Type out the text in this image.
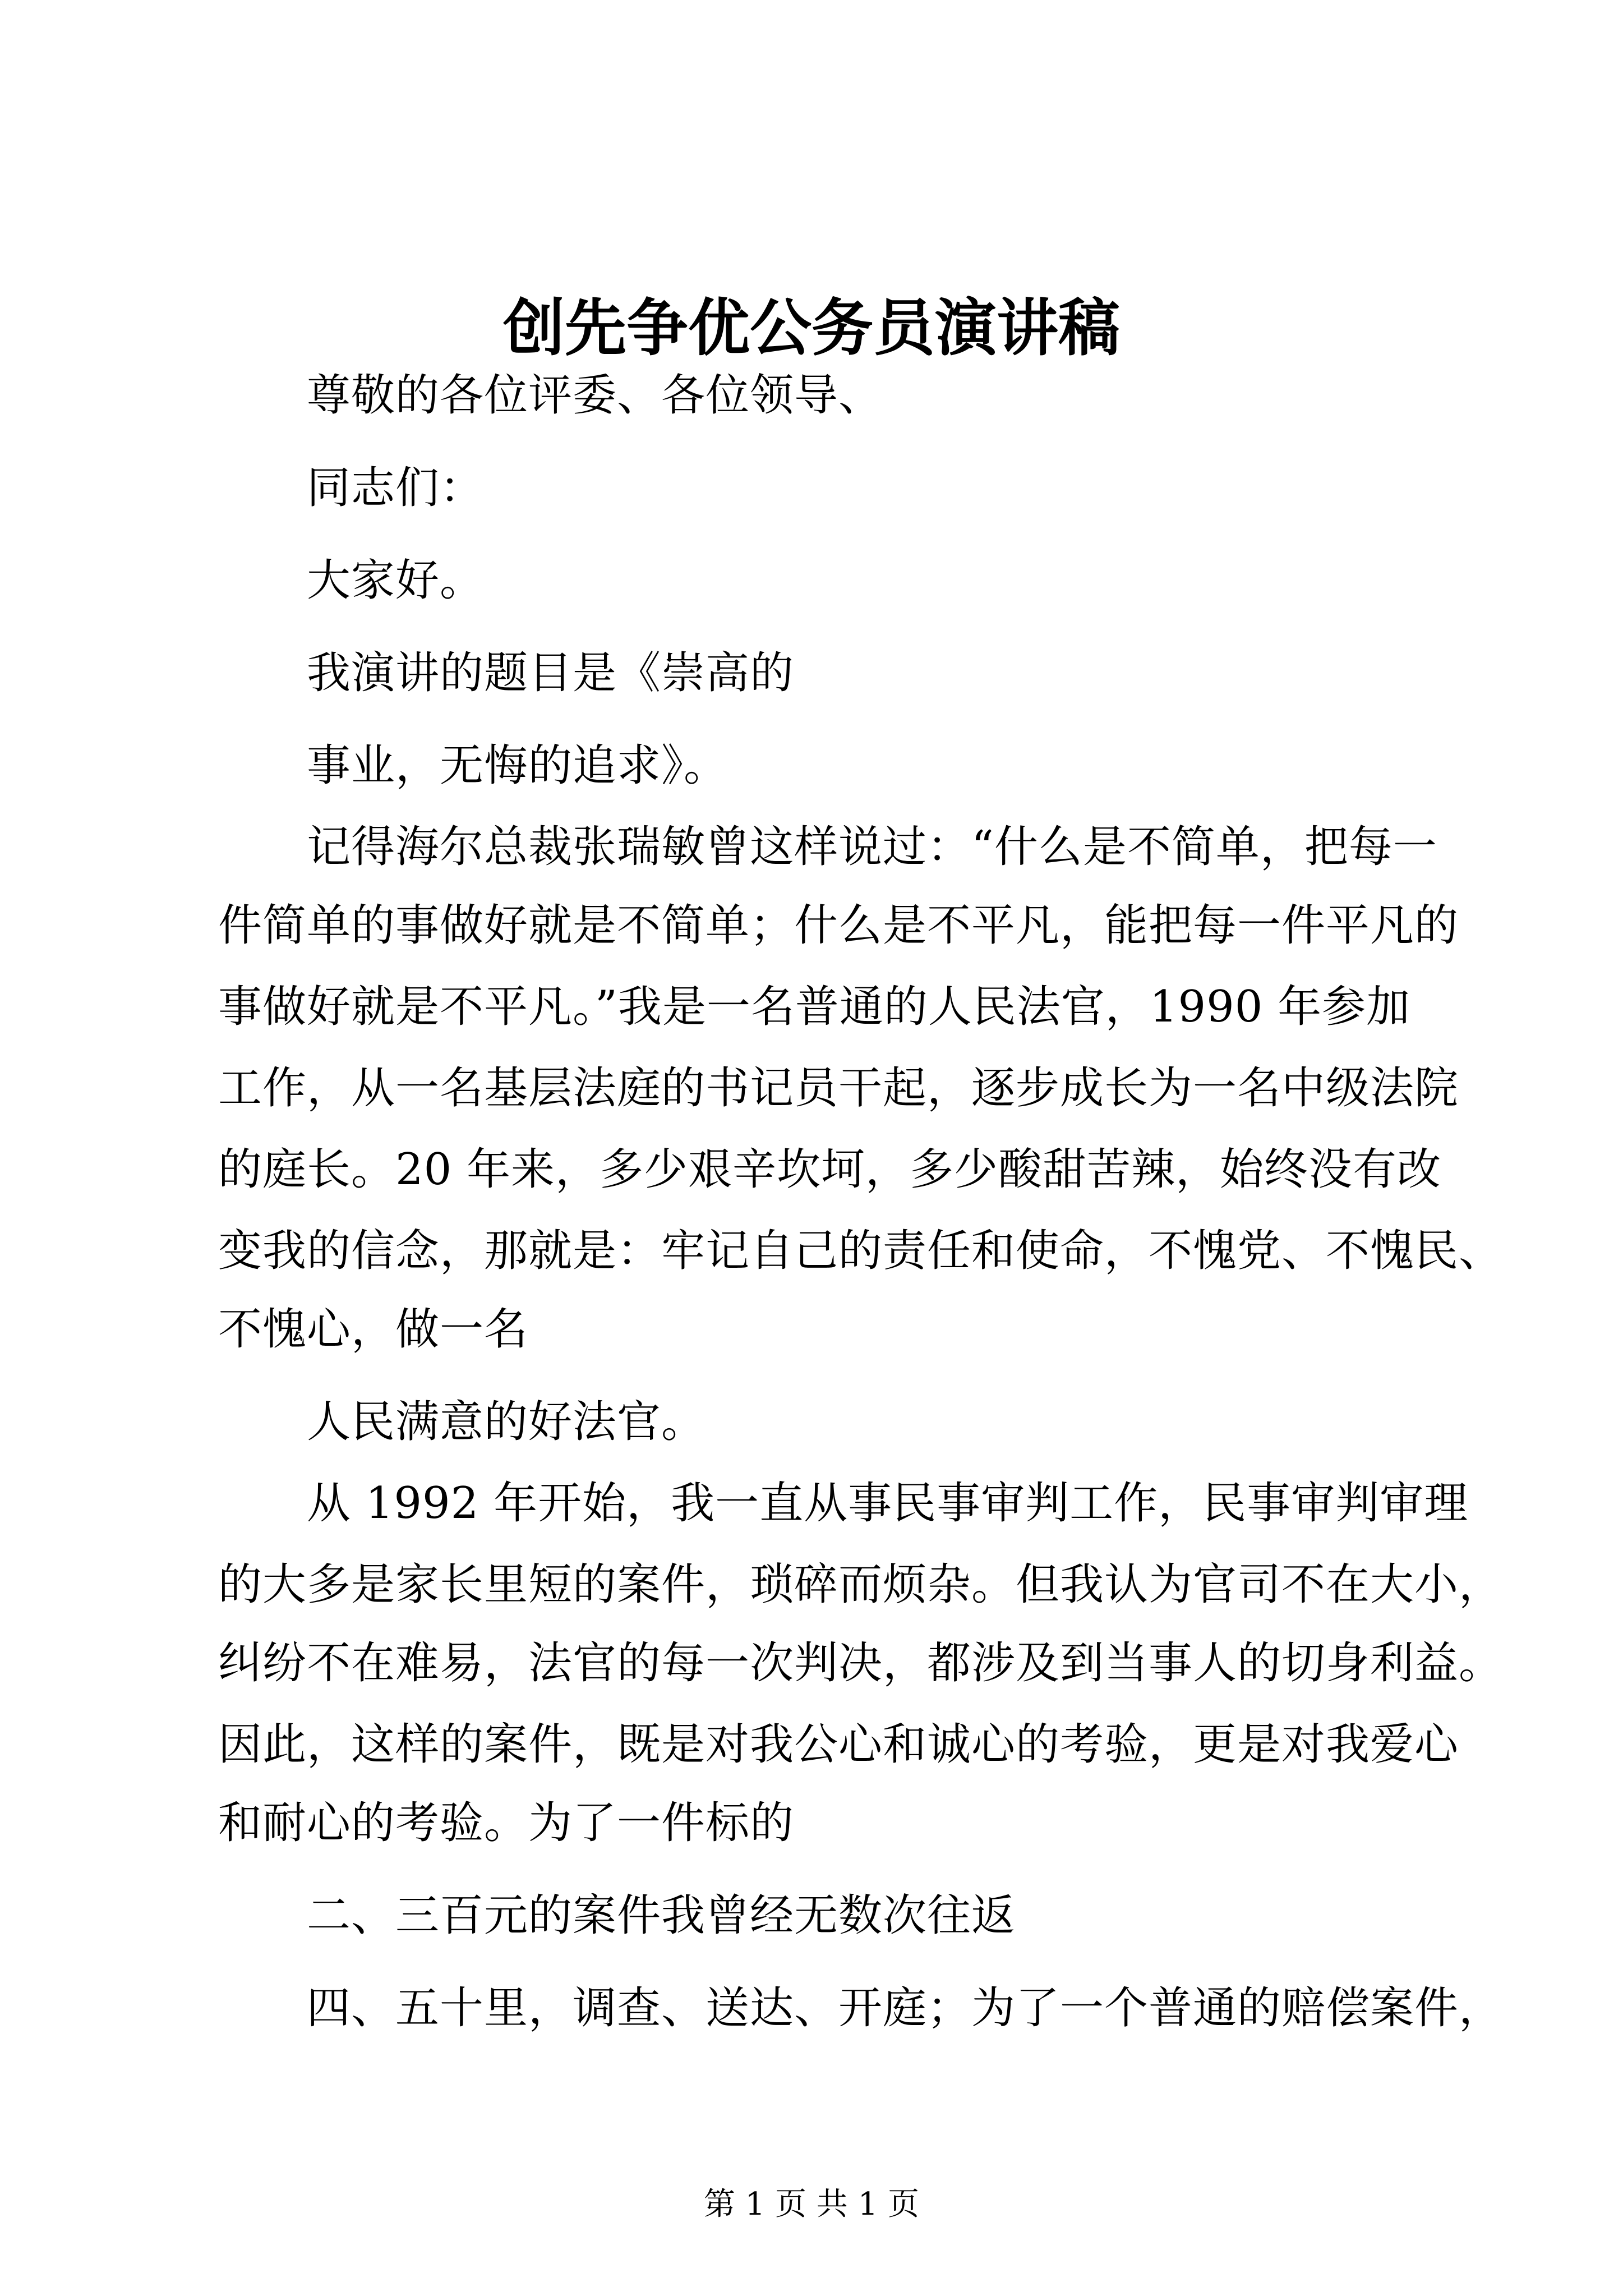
创先争优公务员演讲稿
尊敬的各位评委、各位领导、
同志们：
大家好。
我演讲的题目是《崇高的
事业，无悔的追求》。
记得海尔总裁张瑞敏曾这样说过：“什么是不简单，把每一
件简单的事做好就是不简单；什么是不平凡，能把每一件平凡的
事做好就是不平凡。”我是一名普通的人民法官，1990 年参加
工作，从一名基层法庭的书记员干起，逐步成长为一名中级法院
的庭长。20 年来，多少艰辛坎坷，多少酸甜苦辣，始终没有改
变我的信念，那就是：牢记自己的责任和使命，不愧党、不愧民、
不愧心，做一名
人民满意的好法官。
从 1992 年开始，我一直从事民事审判工作，民事审判审理
的大多是家长里短的案件，琐碎而烦杂。但我认为官司不在大小，
纠纷不在难易，法官的每一次判决，都涉及到当事人的切身利益。
因此，这样的案件，既是对我公心和诚心的考验，更是对我爱心
和耐心的考验。为了一件标的
二、三百元的案件我曾经无数次往返
四、五十里，调查、送达、开庭；为了一个普通的赔偿案件，
第 1 页 共 1 页
